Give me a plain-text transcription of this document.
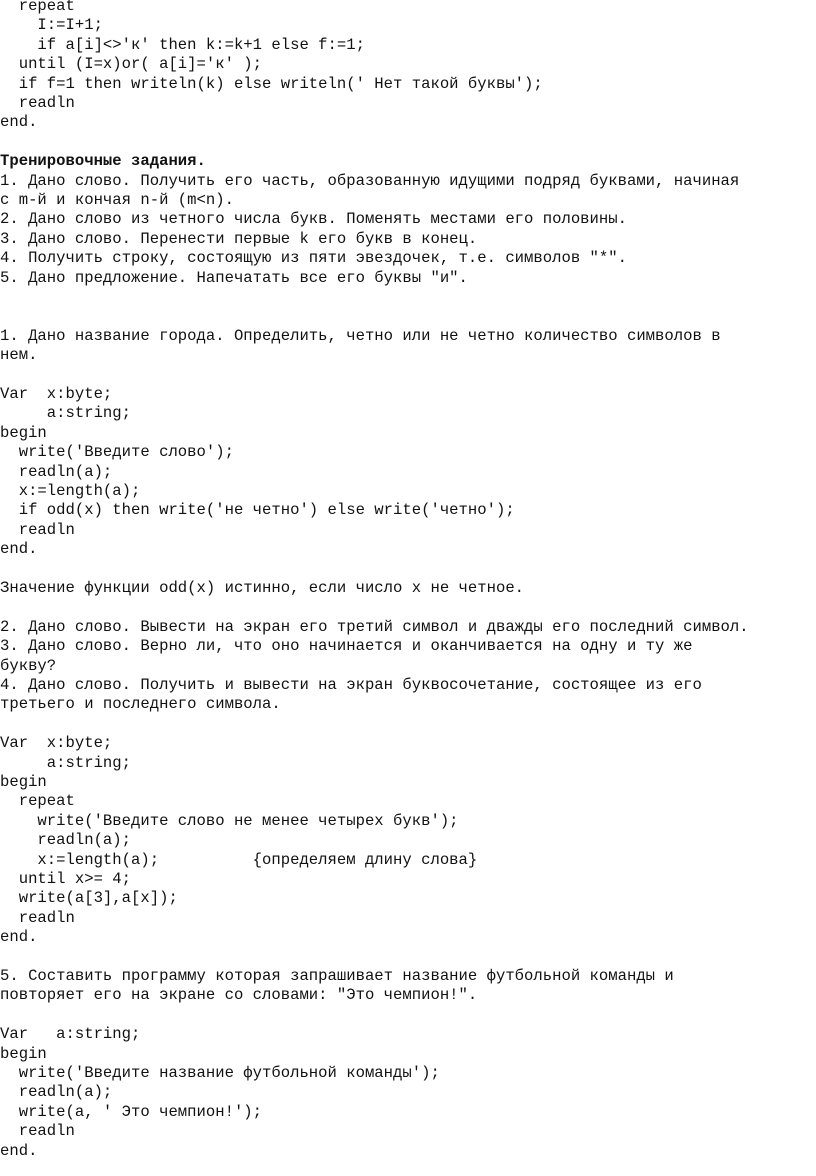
repeat
I:=I+1;
if a[i]<>'к' then k:=k+1 else f:=1;
until (I=x)or( a[i]='к' );
if f=1 then writeln(k) else writeln(' Нет такой буквы');
readln
end.
Тренировочные задания.
1. Дано слово. Получить его часть, образованную идущими подряд буквами, начиная
с m-й и кончая n-й (m<n).
2. Дано слово из четного числа букв. Поменять местами его половины.
3. Дано слово. Перенести первые k его букв в конец.
4. Получить строку, состоящую из пяти эвездочек, т.е. символов "*".
5. Дано предложение. Напечатать все его буквы "и".
1. Дано название города. Определить, четно или не четно количество символов в
нем.
Var  x:byte;
a:string;
begin
write('Введите слово');
readln(a);
x:=length(a);
if odd(x) then write('не четно') else write('четно');
readln
end.
Значение функции odd(x) истинно, если число x не четное.
2. Дано слово. Вывести на экран его третий символ и дважды его последний символ.
3. Дано слово. Верно ли, что оно начинается и оканчивается на одну и ту же
букву?
4. Дано слово. Получить и вывести на экран буквосочетание, состоящее из его
третьего и последнего символа.
Var  x:byte;
a:string;
begin
repeat
write('Введите слово не менее четырех букв');
readln(a);
x:=length(a);          {определяем длину слова}
until x>= 4;
write(a[3],a[x]);
readln
end.
5. Составить программу которая запрашивает название футбольной команды и
повторяет его на экране со словами: "Это чемпион!".
Var   a:string;
begin
write('Введите название футбольной команды');
readln(a);
write(a, ' Это чемпион!');
readln
end.
